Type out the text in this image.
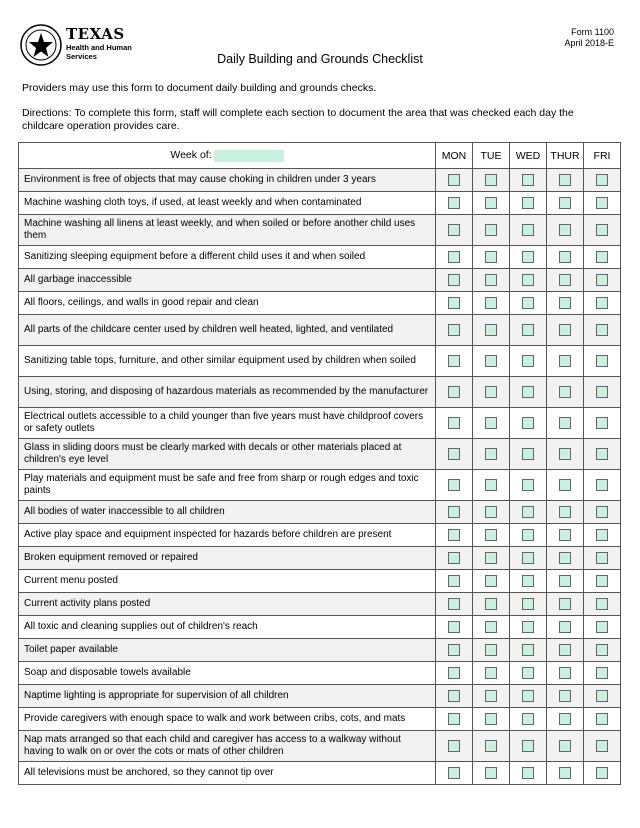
TEXAS
Health and Human
Services
Form 1100
April 2018-E
Daily Building and Grounds Checklist
Providers may use this form to document daily building and grounds checks.
Directions: To complete this form, staff will complete each section to document the area that was checked each day the childcare operation provides care.
Week of:	MON	TUE	WED	THUR	FRI
Environment is free of objects that may cause choking in children under 3 years					
Machine washing cloth toys, if used, at least weekly and when contaminated					
Machine washing all linens at least weekly, and when soiled or before another child uses them					
Sanitizing sleeping equipment before a different child uses it and when soiled					
All garbage inaccessible					
All floors, ceilings, and walls in good repair and clean					
All parts of the childcare center used by children well heated, lighted, and ventilated					
Sanitizing table tops, furniture, and other similar equipment used by children when soiled					
Using, storing, and disposing of hazardous materials as recommended by the manufacturer					
Electrical outlets accessible to a child younger than five years must have childproof covers or safety outlets					
Glass in sliding doors must be clearly marked with decals or other materials placed at children's eye level					
Play materials and equipment must be safe and free from sharp or rough edges and toxic paints					
All bodies of water inaccessible to all children					
Active play space and equipment inspected for hazards before children are present					
Broken equipment removed or repaired					
Current menu posted					
Current activity plans posted					
All toxic and cleaning supplies out of children's reach					
Toilet paper available					
Soap and disposable towels available					
Naptime lighting is appropriate for supervision of all children					
Provide caregivers with enough space to walk and work between cribs, cots, and mats					
Nap mats arranged so that each child and caregiver has access to a walkway without having to walk on or over the cots or mats of other children					
All televisions must be anchored, so they cannot tip over					
